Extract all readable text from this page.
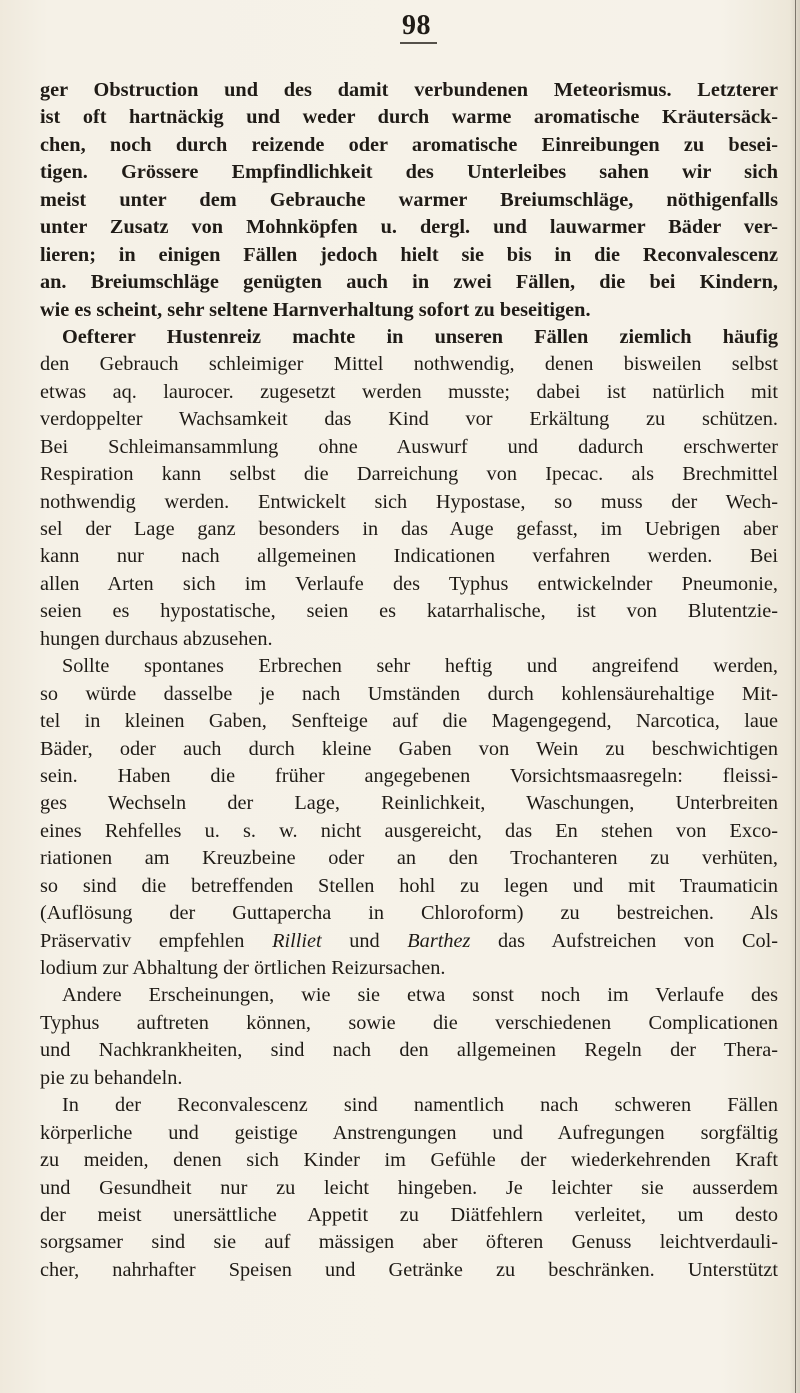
98
ger Obstruction und des damit verbundenen Meteorismus. Letzterer
ist oft hartnäckig und weder durch warme aromatische Kräutersäck-
chen, noch durch reizende oder aromatische Einreibungen zu besei-
tigen. Grössere Empfindlichkeit des Unterleibes sahen wir sich
meist unter dem Gebrauche warmer Breiumschläge, nöthigenfalls
unter Zusatz von Mohnköpfen u. dergl. und lauwarmer Bäder ver-
lieren; in einigen Fällen jedoch hielt sie bis in die Reconvalescenz
an. Breiumschläge genügten auch in zwei Fällen, die bei Kindern,
wie es scheint, sehr seltene Harnverhaltung sofort zu beseitigen.
Oefterer Hustenreiz machte in unseren Fällen ziemlich häufig
den Gebrauch schleimiger Mittel nothwendig, denen bisweilen selbst
etwas aq. laurocer. zugesetzt werden musste; dabei ist natürlich mit
verdoppelter Wachsamkeit das Kind vor Erkältung zu schützen.
Bei Schleimansammlung ohne Auswurf und dadurch erschwerter
Respiration kann selbst die Darreichung von Ipecac. als Brechmittel
nothwendig werden. Entwickelt sich Hypostase, so muss der Wech-
sel der Lage ganz besonders in das Auge gefasst, im Uebrigen aber
kann nur nach allgemeinen Indicationen verfahren werden. Bei
allen Arten sich im Verlaufe des Typhus entwickelnder Pneumonie,
seien es hypostatische, seien es katarrhalische, ist von Blutentzie-
hungen durchaus abzusehen.
Sollte spontanes Erbrechen sehr heftig und angreifend werden,
so würde dasselbe je nach Umständen durch kohlensäurehaltige Mit-
tel in kleinen Gaben, Senfteige auf die Magengegend, Narcotica, laue
Bäder, oder auch durch kleine Gaben von Wein zu beschwichtigen
sein. Haben die früher angegebenen Vorsichtsmaasregeln: fleissi-
ges Wechseln der Lage, Reinlichkeit, Waschungen, Unterbreiten
eines Rehfelles u. s. w. nicht ausgereicht, das En stehen von Exco-
riationen am Kreuzbeine oder an den Trochanteren zu verhüten,
so sind die betreffenden Stellen hohl zu legen und mit Traumaticin
(Auflösung der Guttapercha in Chloroform) zu bestreichen. Als
Präservativ empfehlen Rilliet und Barthez das Aufstreichen von Col-
lodium zur Abhaltung der örtlichen Reizursachen.
Andere Erscheinungen, wie sie etwa sonst noch im Verlaufe des
Typhus auftreten können, sowie die verschiedenen Complicationen
und Nachkrankheiten, sind nach den allgemeinen Regeln der Thera-
pie zu behandeln.
In der Reconvalescenz sind namentlich nach schweren Fällen
körperliche und geistige Anstrengungen und Aufregungen sorgfältig
zu meiden, denen sich Kinder im Gefühle der wiederkehrenden Kraft
und Gesundheit nur zu leicht hingeben. Je leichter sie ausserdem
der meist unersättliche Appetit zu Diätfehlern verleitet, um desto
sorgsamer sind sie auf mässigen aber öfteren Genuss leichtverdauli-
cher, nahrhafter Speisen und Getränke zu beschränken. Unterstützt
